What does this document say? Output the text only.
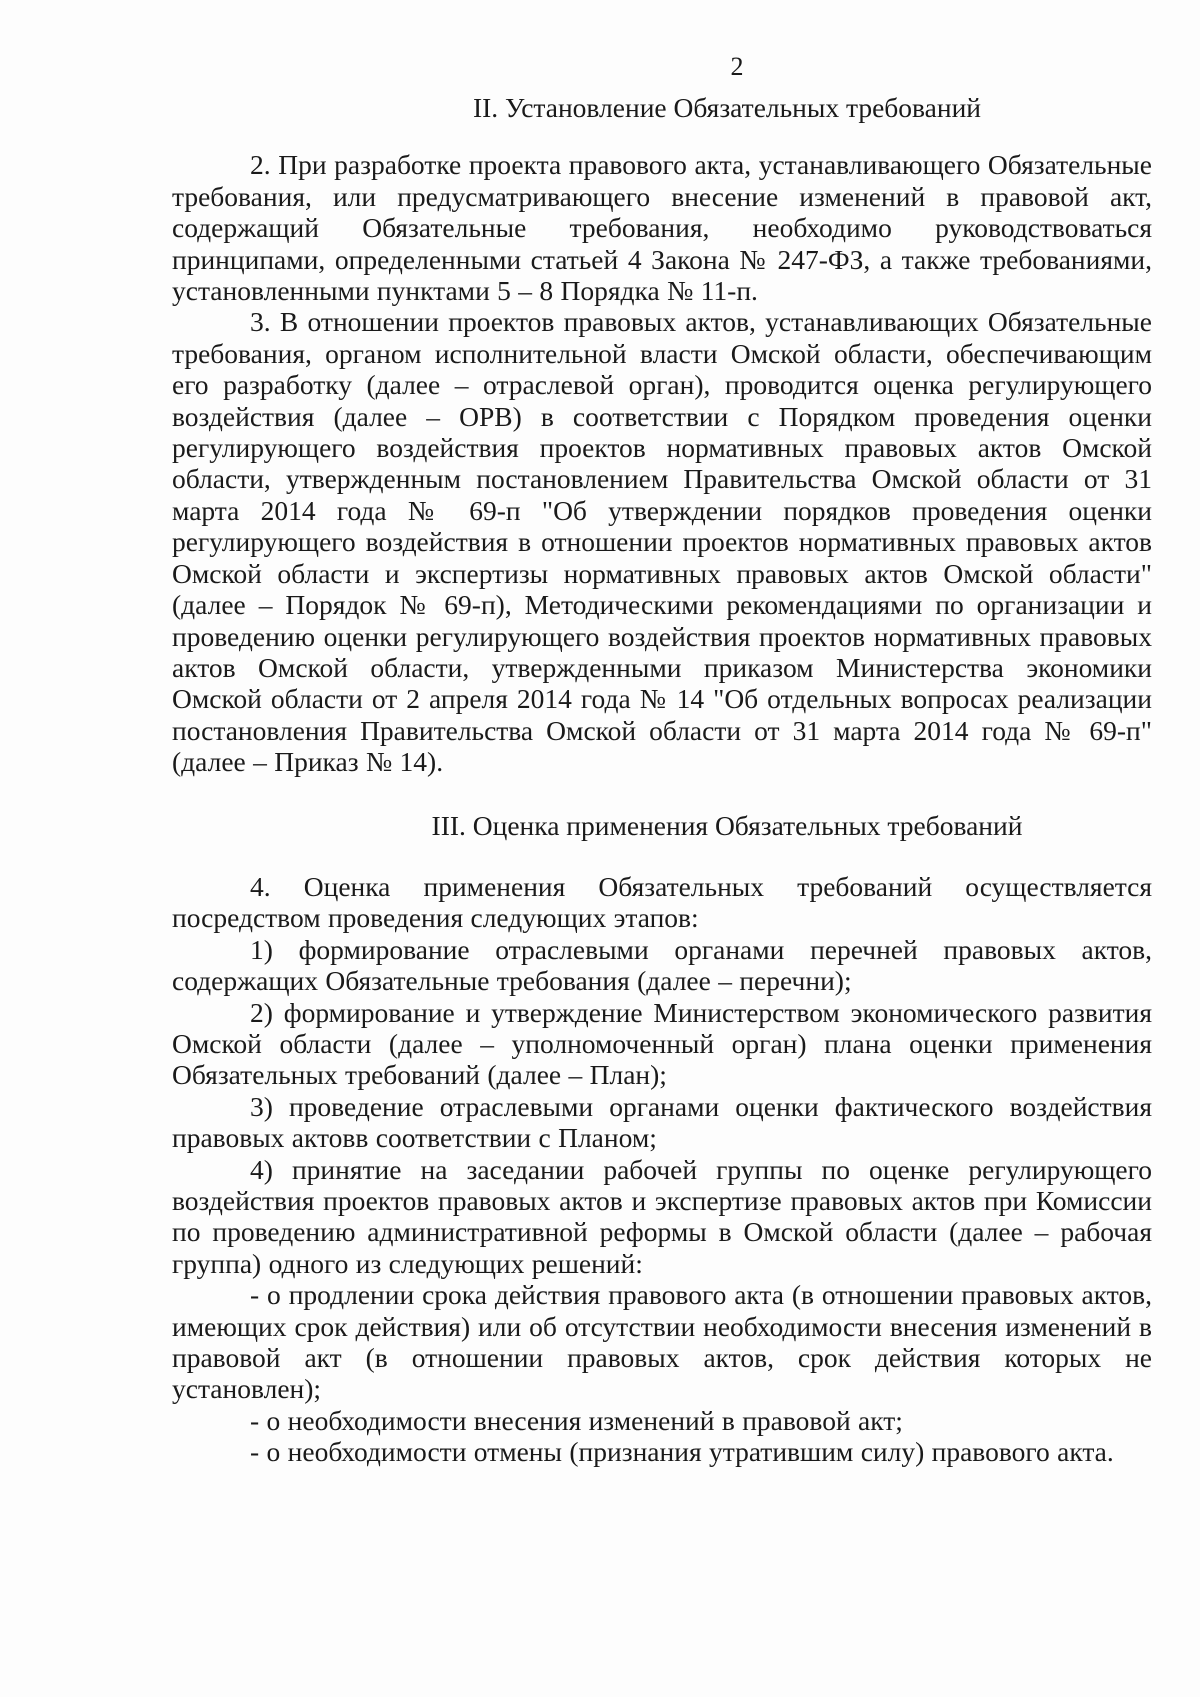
2
II. Установление Обязательных требований

2. При разработке проекта правового акта, устанавливающего Обязательные требования, или предусматривающего внесение изменений в правовой акт, содержащий Обязательные требования, необходимо руководствоваться принципами, определенными статьей 4 Закона № 247-ФЗ, а также требованиями, установленными пунктами 5 – 8 Порядка № 11-п.

3. В отношении проектов правовых актов, устанавливающих Обязательные требования, органом исполнительной власти Омской области, обеспечивающим его разработку (далее – отраслевой орган), проводится оценка регулирующего воздействия (далее – ОРВ) в соответствии с Порядком проведения оценки регулирующего воздействия проектов нормативных правовых актов Омской области, утвержденным постановлением Правительства Омской области от 31 марта 2014 года № 69-п "Об утверждении порядков проведения оценки регулирующего воздействия в отношении проектов нормативных правовых актов Омской области и экспертизы нормативных правовых актов Омской области" (далее – Порядок № 69-п), Методическими рекомендациями по организации и проведению оценки регулирующего воздействия проектов нормативных правовых актов Омской области, утвержденными приказом Министерства экономики Омской области от 2 апреля 2014 года № 14 "Об отдельных вопросах реализации постановления Правительства Омской области от 31 марта 2014 года № 69-п" (далее – Приказ № 14).

III. Оценка применения Обязательных требований

4. Оценка применения Обязательных требований осуществляется посредством проведения следующих этапов:

1) формирование отраслевыми органами перечней правовых актов, содержащих Обязательные требования (далее – перечни);

2) формирование и утверждение Министерством экономического развития Омской области (далее – уполномоченный орган) плана оценки применения Обязательных требований (далее – План);

3) проведение отраслевыми органами оценки фактического воздействия правовых актовв соответствии с Планом;

4) принятие на заседании рабочей группы по оценке регулирующего воздействия проектов правовых актов и экспертизе правовых актов при Комиссии по проведению административной реформы в Омской области (далее – рабочая группа) одного из следующих решений:

- о продлении срока действия правового акта (в отношении правовых актов, имеющих срок действия) или об отсутствии необходимости внесения изменений в правовой акт (в отношении правовых актов, срок действия которых не установлен);

- о необходимости внесения изменений в правовой акт;

- о необходимости отмены (признания утратившим силу) правового акта.
